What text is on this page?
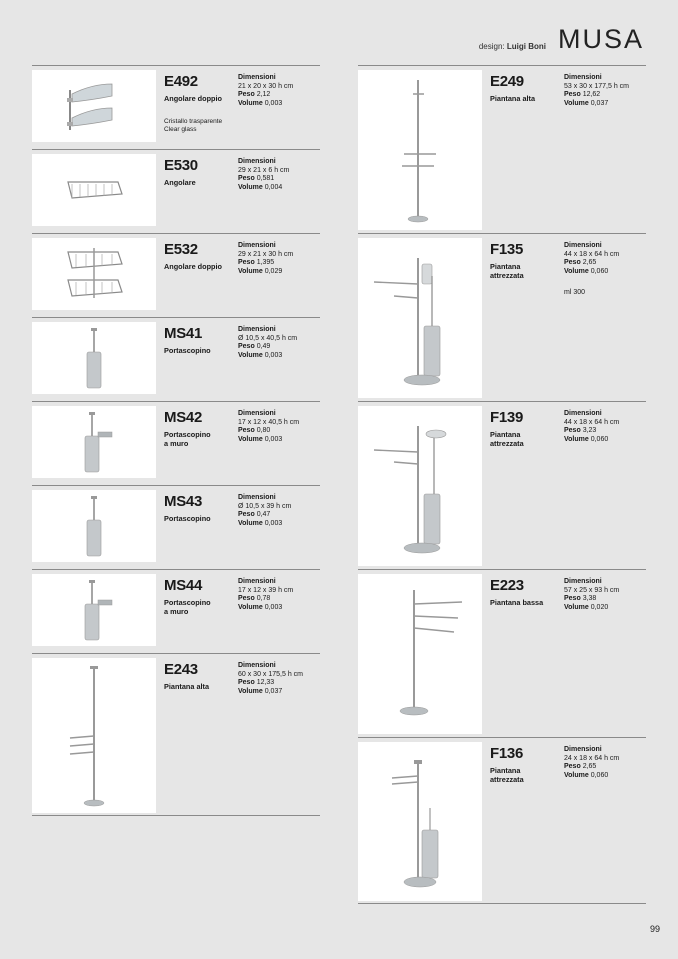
design: Luigi Boni MUSA
E492
Angolare doppio
Cristallo trasparente
Clear glass
Dimensioni
21 x 20 x 30 h cm
Peso 2,12
Volume 0,003
E530
Angolare
Dimensioni
29 x 21 x 6 h cm
Peso 0,581
Volume 0,004
E532
Angolare doppio
Dimensioni
29 x 21 x 30 h cm
Peso 1,395
Volume 0,029
MS41
Portascopino
Dimensioni
Ø 10,5 x 40,5 h cm
Peso 0,49
Volume 0,003
MS42
Portascopino
a muro
Dimensioni
17 x 12 x 40,5 h cm
Peso 0,80
Volume 0,003
MS43
Portascopino
Dimensioni
Ø 10,5 x 39 h cm
Peso 0,47
Volume 0,003
MS44
Portascopino
a muro
Dimensioni
17 x 12 x 39 h cm
Peso 0,78
Volume 0,003
E243
Piantana alta
Dimensioni
60 x 30 x 175,5 h cm
Peso 12,33
Volume 0,037
E249
Piantana alta
Dimensioni
53 x 30 x 177,5 h cm
Peso 12,62
Volume 0,037
F135
Piantana
attrezzata
Dimensioni
44 x 18 x 64 h cm
Peso 2,65
Volume 0,060
ml 300
F139
Piantana
attrezzata
Dimensioni
44 x 18 x 64 h cm
Peso 3,23
Volume 0,060
E223
Piantana bassa
Dimensioni
57 x 25 x 93 h cm
Peso 3,38
Volume 0,020
F136
Piantana
attrezzata
Dimensioni
24 x 18 x 64 h cm
Peso 2,65
Volume 0,060
99
